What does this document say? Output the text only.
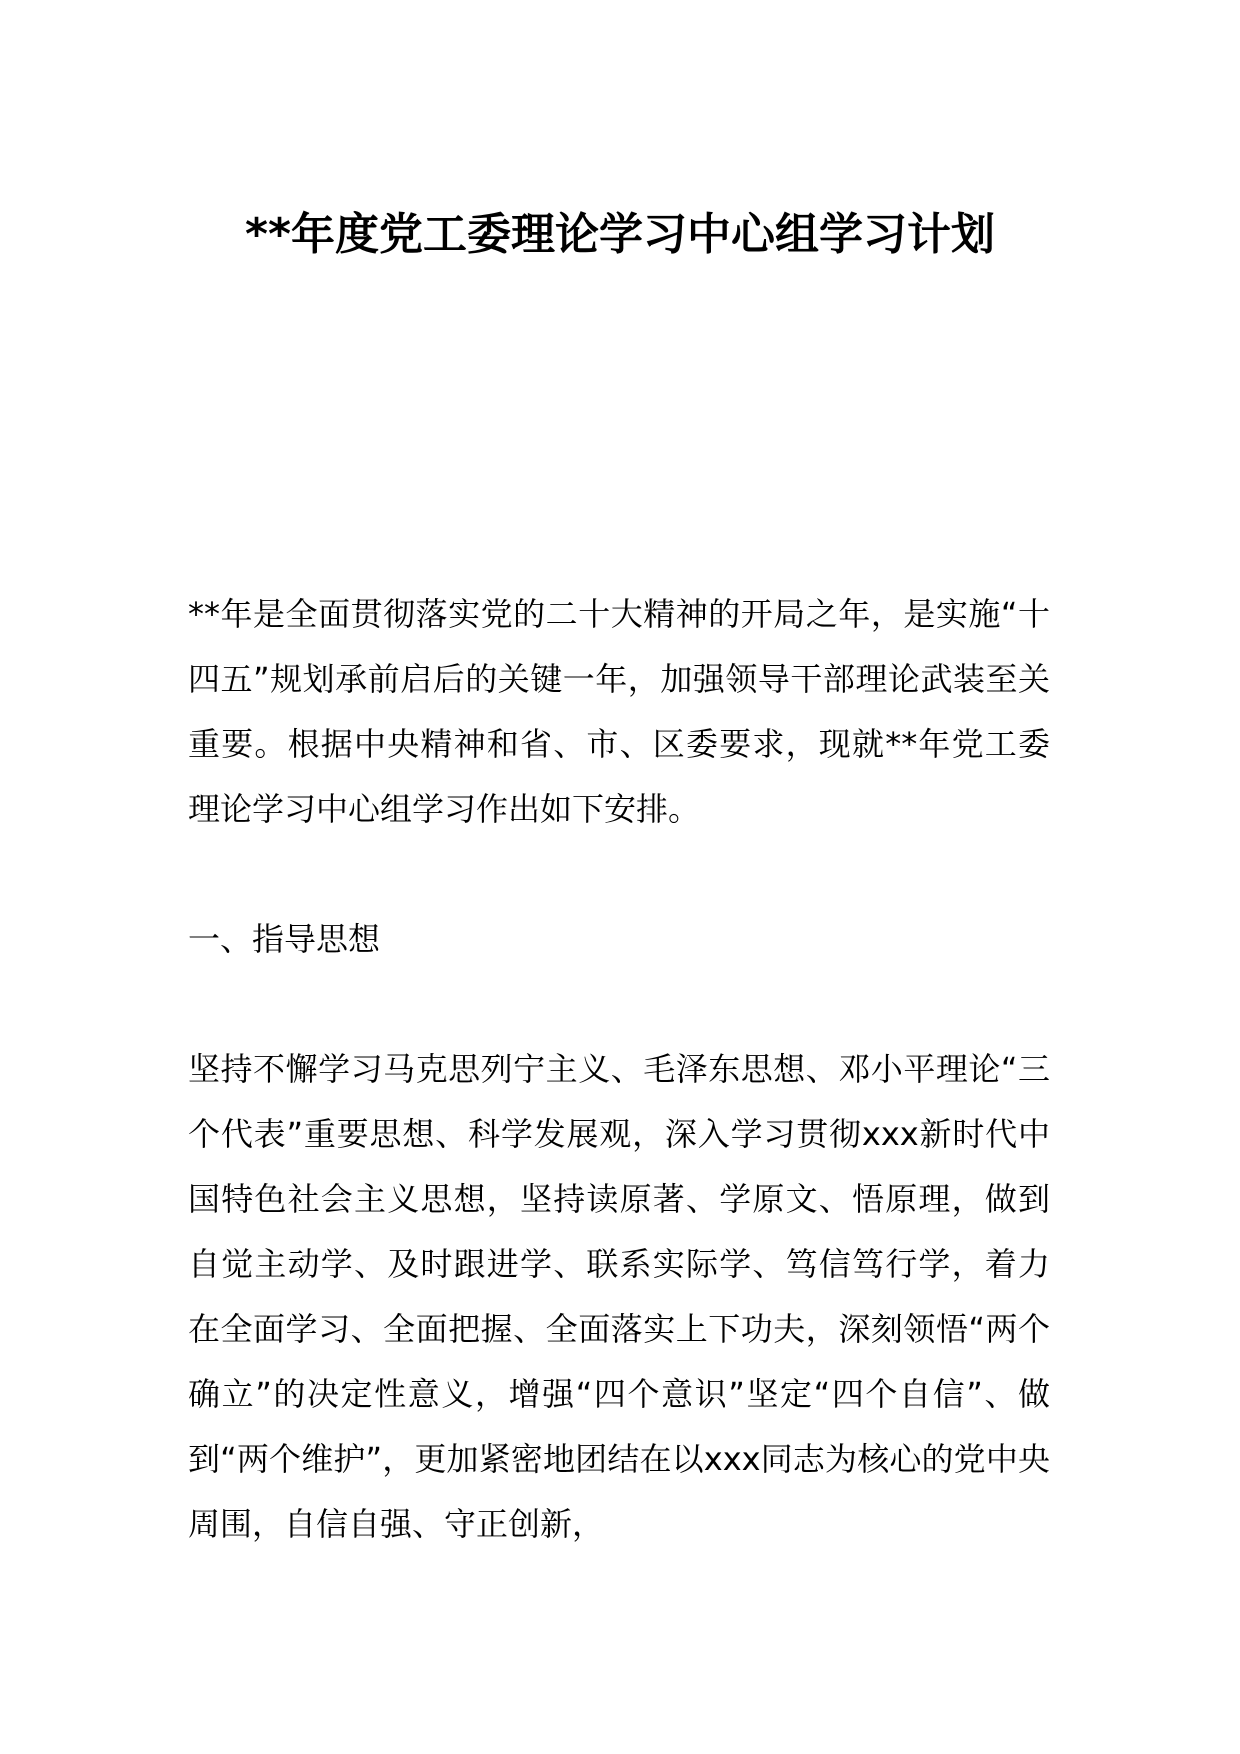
**年度党工委理论学习中心组学习计划

**年是全面贯彻落实党的二十大精神的开局之年，是实施“十四五”规划承前启后的关键一年，加强领导干部理论武装至关重要。根据中央精神和省、市、区委要求，现就**年党工委理论学习中心组学习作出如下安排。

一、指导思想

坚持不懈学习马克思列宁主义、毛泽东思想、邓小平理论“三个代表”重要思想、科学发展观，深入学习贯彻xxx新时代中国特色社会主义思想，坚持读原著、学原文、悟原理，做到自觉主动学、及时跟进学、联系实际学、笃信笃行学，着力在全面学习、全面把握、全面落实上下功夫，深刻领悟“两个确立”的决定性意义，增强“四个意识”坚定“四个自信”、做到“两个维护”，更加紧密地团结在以xxx同志为核心的党中央周围，自信自强、守正创新，
